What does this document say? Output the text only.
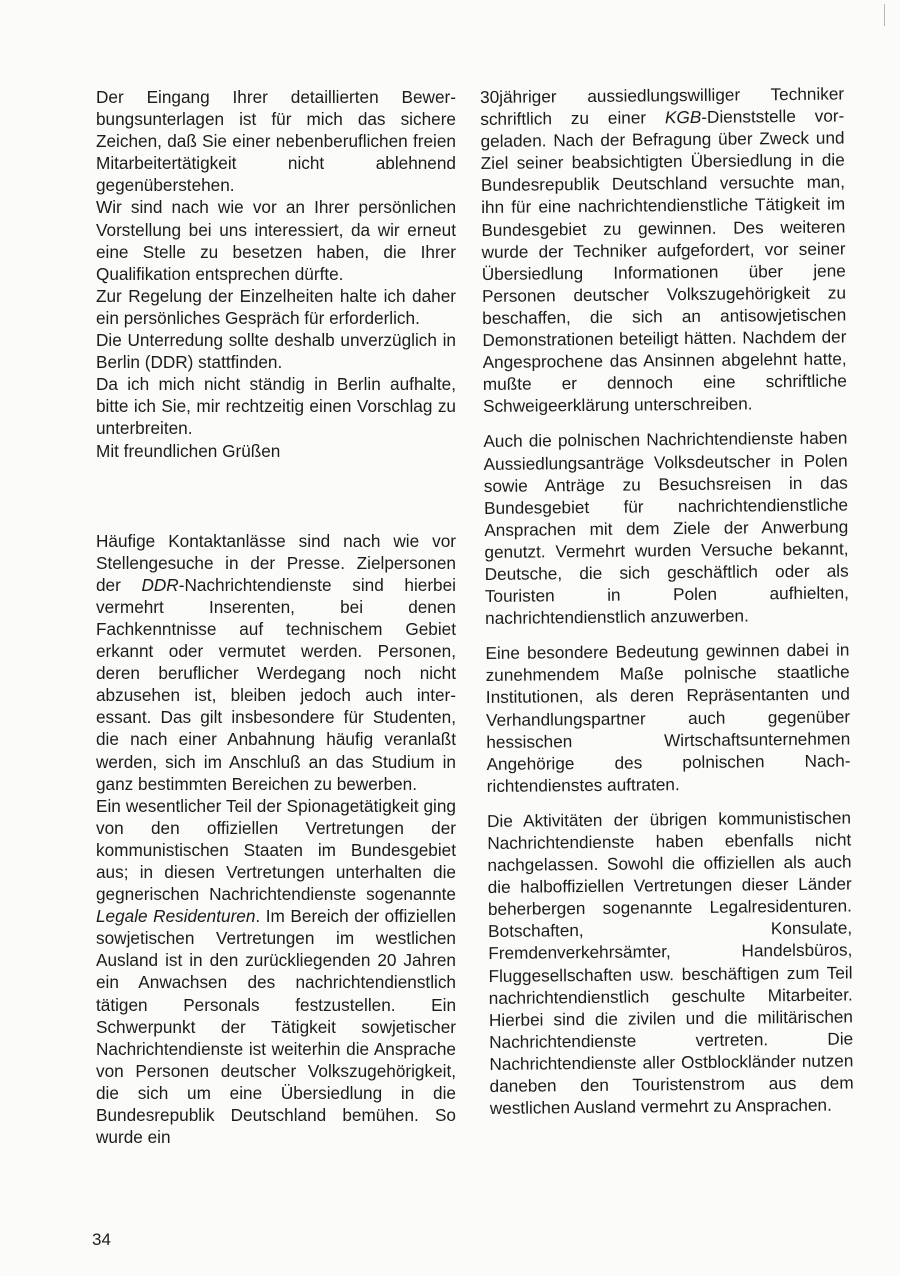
Der Eingang Ihrer detaillierten Bewerbungsunterlagen ist für mich das sichere Zeichen, daß Sie einer nebenberuflichen freien Mitarbeitertätigkeit nicht ablehnend gegenüberstehen.

Wir sind nach wie vor an Ihrer persönlichen Vorstellung bei uns interessiert, da wir erneut eine Stelle zu besetzen haben, die Ihrer Qualifikation entsprechen dürfte.

Zur Regelung der Einzelheiten halte ich daher ein persönliches Gespräch für erforderlich.

Die Unterredung sollte deshalb unverzüglich in Berlin (DDR) stattfinden.

Da ich mich nicht ständig in Berlin aufhalte, bitte ich Sie, mir rechtzeitig einen Vorschlag zu unterbreiten.

Mit freundlichen Grüßen

Häufige Kontaktanlässe sind nach wie vor Stellengesuche in der Presse. Zielpersonen der DDR-Nachrichtendienste sind hierbei vermehrt Inserenten, bei denen Fachkenntnisse auf technischem Gebiet erkannt oder vermutet werden. Personen, deren beruflicher Werdegang noch nicht abzusehen ist, bleiben jedoch auch interessant. Das gilt insbesondere für Studenten, die nach einer Anbahnung häufig veranlaßt werden, sich im Anschluß an das Studium in ganz bestimmten Bereichen zu bewerben.

Ein wesentlicher Teil der Spionagetätigkeit ging von den offiziellen Vertretungen der kommunistischen Staaten im Bundesgebiet aus; in diesen Vertretungen unterhalten die gegnerischen Nachrichtendienste sogenannte Legale Residenturen. Im Bereich der offiziellen sowjetischen Vertretungen im westlichen Ausland ist in den zurückliegenden 20 Jahren ein Anwachsen des nachrichtendienstlich tätigen Personals festzustellen. Ein Schwerpunkt der Tätigkeit sowjetischer Nachrichtendienste ist weiterhin die Ansprache von Personen deutscher Volkszugehörigkeit, die sich um eine Übersiedlung in die Bundesrepublik Deutschland bemühen. So wurde ein

30jähriger aussiedlungswilliger Techniker schriftlich zu einer KGB-Dienststelle vorgeladen. Nach der Befragung über Zweck und Ziel seiner beabsichtigten Übersiedlung in die Bundesrepublik Deutschland versuchte man, ihn für eine nachrichtendienstliche Tätigkeit im Bundesgebiet zu gewinnen. Des weiteren wurde der Techniker aufgefordert, vor seiner Übersiedlung Informationen über jene Personen deutscher Volkszugehörigkeit zu beschaffen, die sich an antisowjetischen Demonstrationen beteiligt hätten. Nachdem der Angesprochene das Ansinnen abgelehnt hatte, mußte er dennoch eine schriftliche Schweigeerklärung unterschreiben.

Auch die polnischen Nachrichtendienste haben Aussiedlungsanträge Volksdeutscher in Polen sowie Anträge zu Besuchsreisen in das Bundesgebiet für nachrichtendienstliche Ansprachen mit dem Ziele der Anwerbung genutzt. Vermehrt wurden Versuche bekannt, Deutsche, die sich geschäftlich oder als Touristen in Polen aufhielten, nachrichtendienstlich anzuwerben.

Eine besondere Bedeutung gewinnen dabei in zunehmendem Maße polnische staatliche Institutionen, als deren Repräsentanten und Verhandlungspartner auch gegenüber hessischen Wirtschaftsunternehmen Angehörige des polnischen Nachrichtendienstes auftraten.

Die Aktivitäten der übrigen kommunistischen Nachrichtendienste haben ebenfalls nicht nachgelassen. Sowohl die offiziellen als auch die halboffiziellen Vertretungen dieser Länder beherbergen sogenannte Legalresidenturen. Botschaften, Konsulate, Fremdenverkehrsämter, Handelsbüros, Fluggesellschaften usw. beschäftigen zum Teil nachrichtendienstlich geschulte Mitarbeiter. Hierbei sind die zivilen und die militärischen Nachrichtendienste vertreten. Die Nachrichtendienste aller Ostblockländer nutzen daneben den Touristenstrom aus dem westlichen Ausland vermehrt zu Ansprachen.

34
